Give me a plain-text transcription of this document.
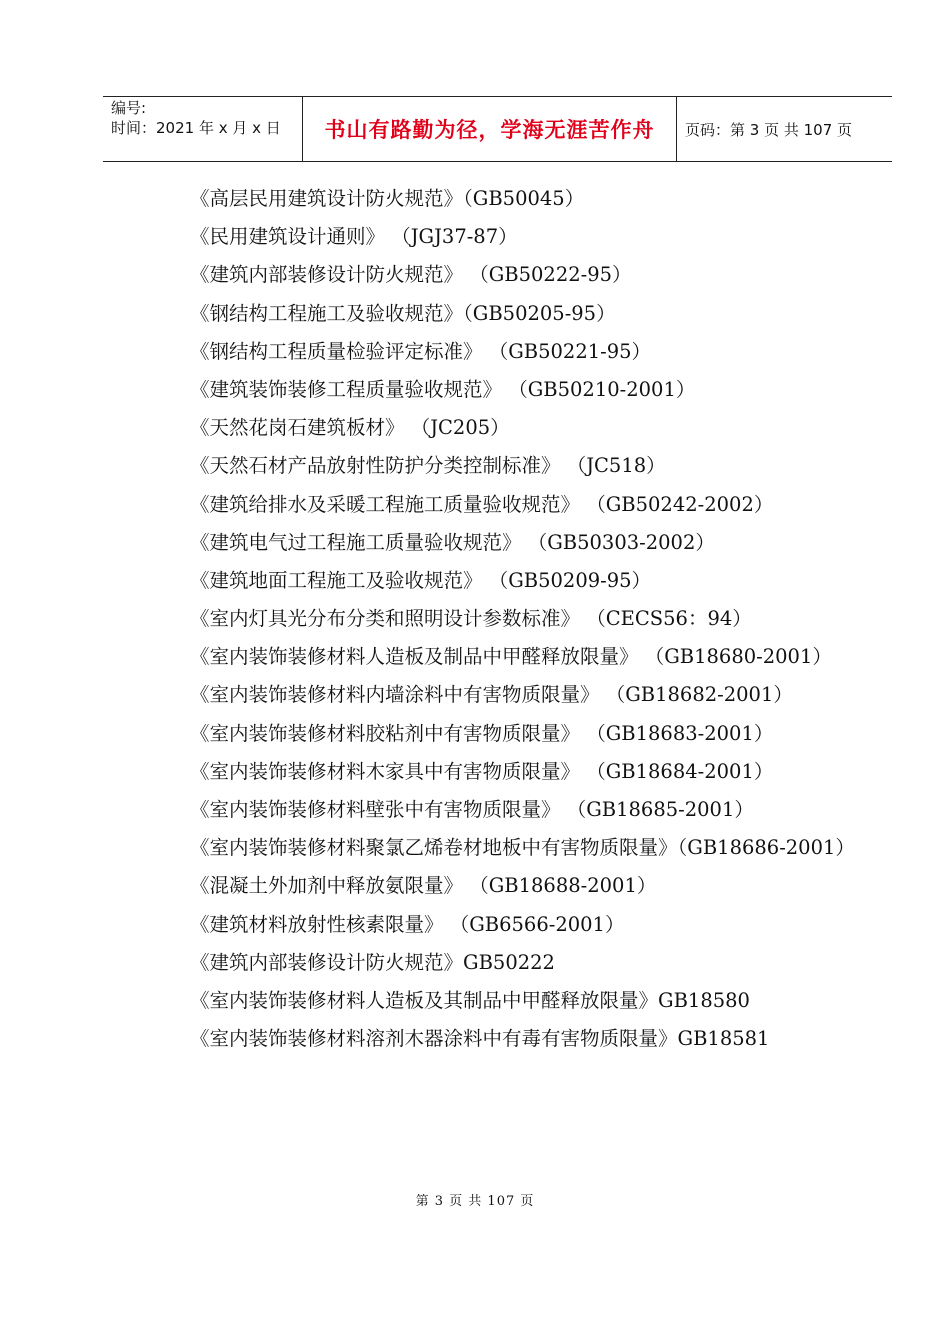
编号:
时间：2021 年 x 月 x 日 书山有路勤为径，学海无涯苦作舟 页码：第 3 页 共 107 页
《高层民用建筑设计防火规范》（GB50045）
《民用建筑设计通则》 （JGJ37-87）
《建筑内部装修设计防火规范》 （GB50222-95）
《钢结构工程施工及验收规范》（GB50205-95）
《钢结构工程质量检验评定标准》 （GB50221-95）
《建筑装饰装修工程质量验收规范》 （GB50210-2001）
《天然花岗石建筑板材》 （JC205）
《天然石材产品放射性防护分类控制标准》 （JC518）
《建筑给排水及采暖工程施工质量验收规范》 （GB50242-2002）
《建筑电气过工程施工质量验收规范》 （GB50303-2002）
《建筑地面工程施工及验收规范》 （GB50209-95）
《室内灯具光分布分类和照明设计参数标准》 （CECS56：94）
《室内装饰装修材料人造板及制品中甲醛释放限量》 （GB18680-2001）
《室内装饰装修材料内墙涂料中有害物质限量》 （GB18682-2001）
《室内装饰装修材料胶粘剂中有害物质限量》 （GB18683-2001）
《室内装饰装修材料木家具中有害物质限量》 （GB18684-2001）
《室内装饰装修材料壁张中有害物质限量》 （GB18685-2001）
《室内装饰装修材料聚氯乙烯卷材地板中有害物质限量》（GB18686-2001）
《混凝土外加剂中释放氨限量》 （GB18688-2001）
《建筑材料放射性核素限量》 （GB6566-2001）
《建筑内部装修设计防火规范》GB50222
《室内装饰装修材料人造板及其制品中甲醛释放限量》GB18580
《室内装饰装修材料溶剂木器涂料中有毒有害物质限量》GB18581
第 3 页 共 107 页
